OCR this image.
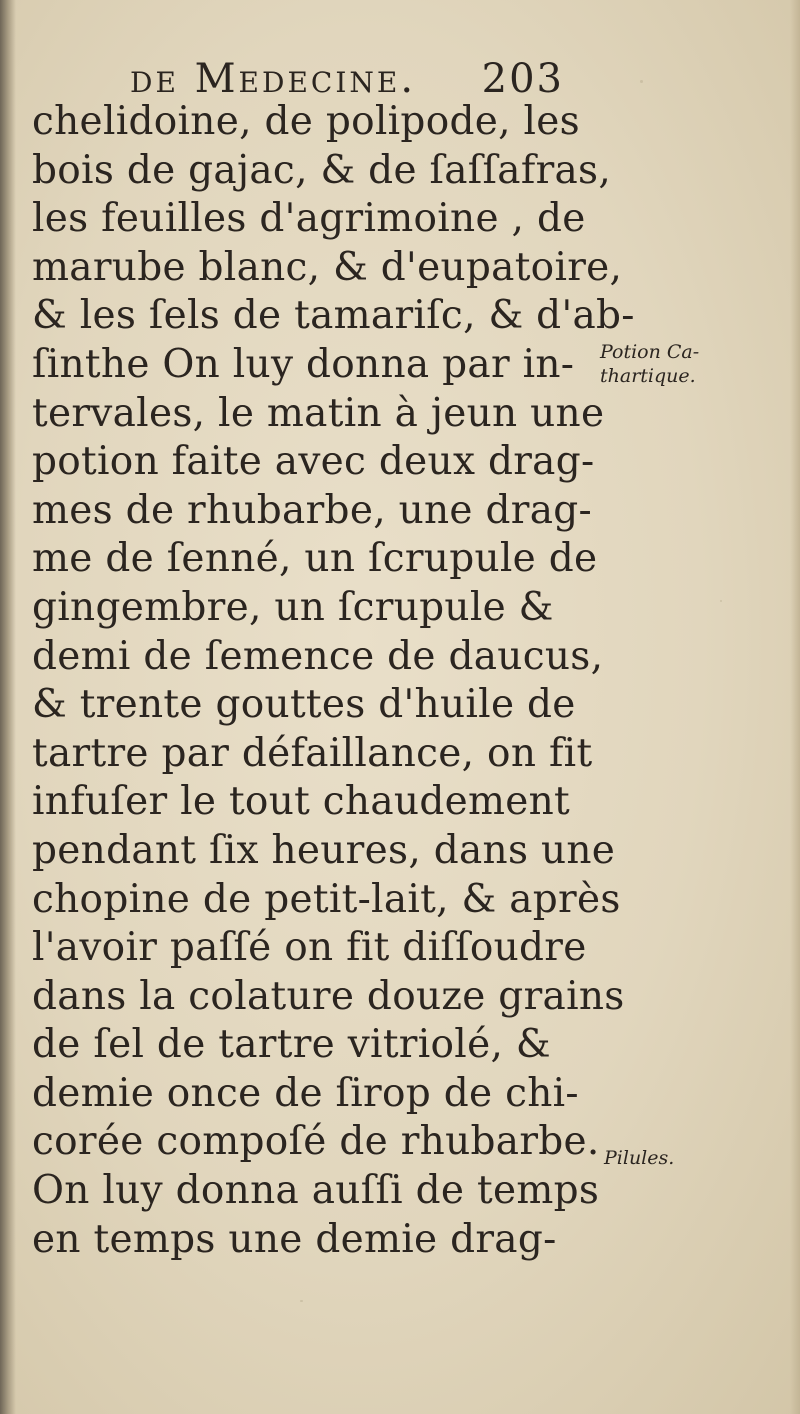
de Medecine. 203
chelidoine, de polipode, les
bois de gajac, & de ſaſſafras,
les feuilles d'agrimoine , de
marube blanc, & d'eupatoire,
& les ſels de tamariſc, & d'ab-
ſinthe On luy donna par in-
tervales, le matin à jeun une
potion faite avec deux drag-
mes de rhubarbe, une drag-
me de ſenné, un ſcrupule de
gingembre, un ſcrupule &
demi de ſemence de daucus,
& trente gouttes d'huile de
tartre par défaillance, on fit
infuſer le tout chaudement
pendant ſix heures, dans une
chopine de petit-lait, & après
l'avoir paſſé on fit diſſoudre
dans la colature douze grains
de ſel de tartre vitriolé, &
demie once de ſirop de chi-
corée compoſé de rhubarbe.
On luy donna auſſi de temps
en temps une demie drag-
Potion Ca-
thartique.
Pilules.
